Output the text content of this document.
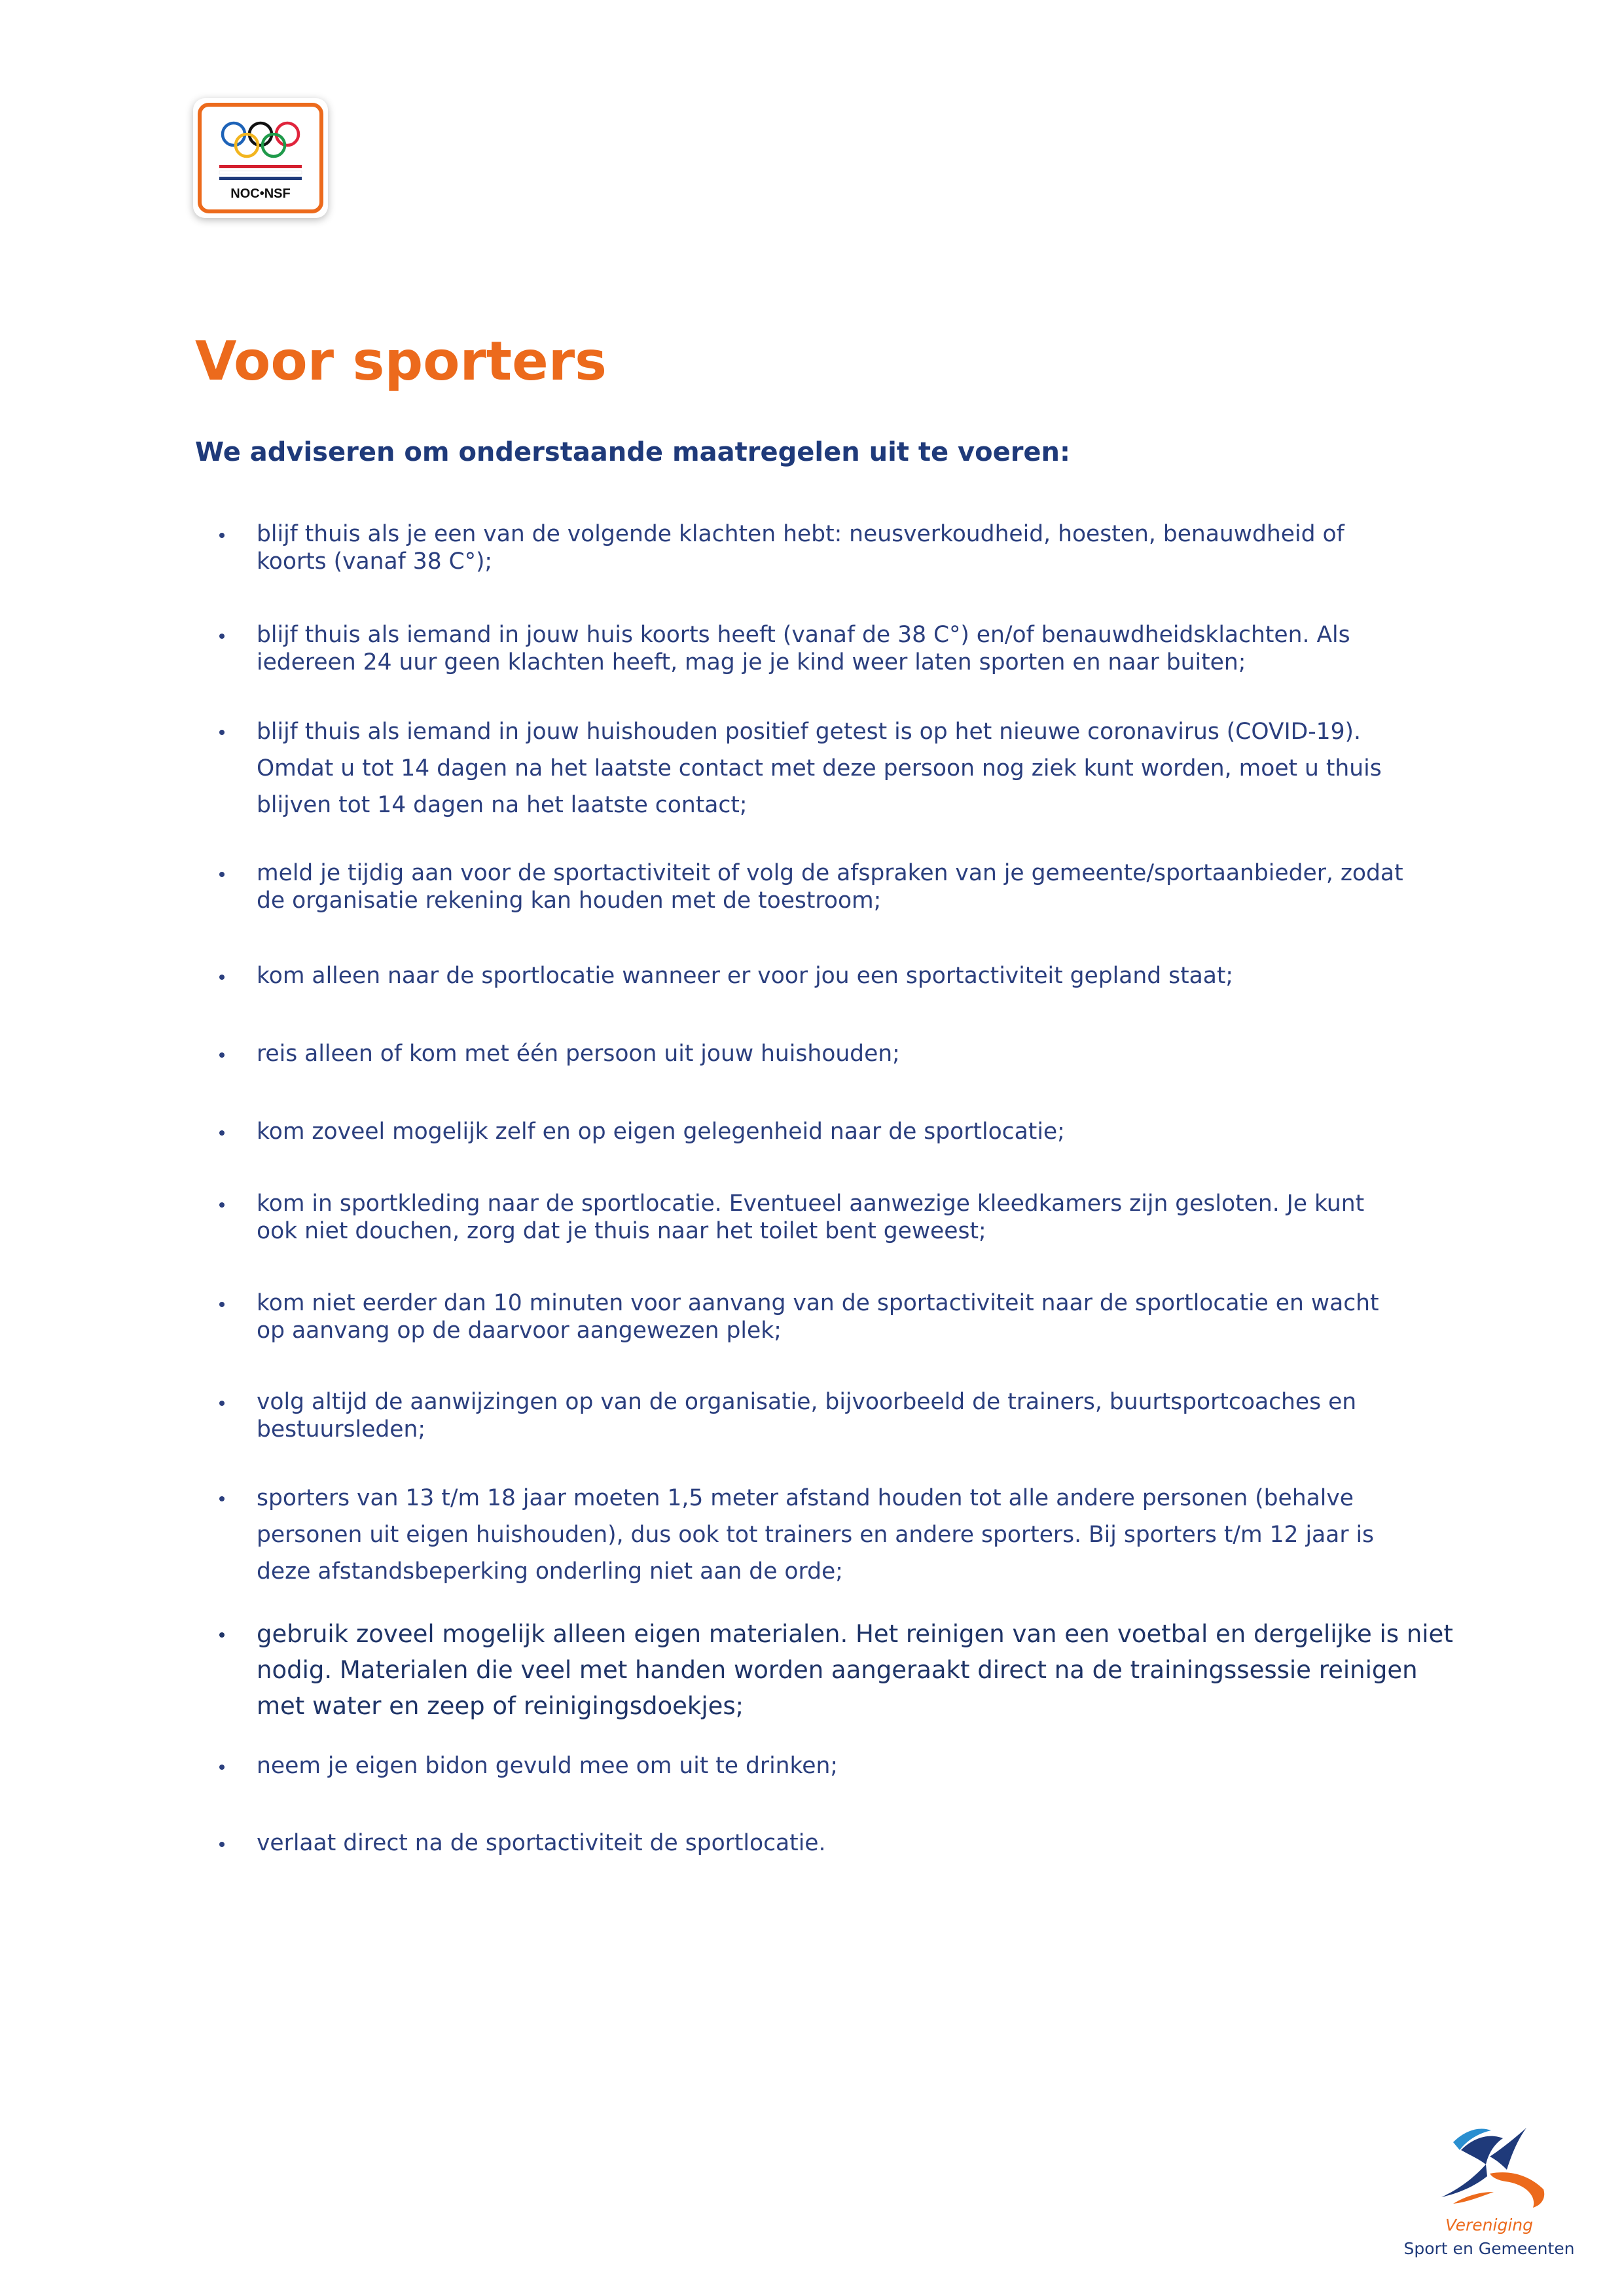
NOC•NSF
Voor sporters

We adviseren om onderstaande maatregelen uit te voeren:

blijf thuis als je een van de volgende klachten hebt: neusverkoudheid, hoesten, benauwdheid of
koorts (vanaf 38 C°);
blijf thuis als iemand in jouw huis koorts heeft (vanaf de 38 C°) en/of benauwdheidsklachten. Als
iedereen 24 uur geen klachten heeft, mag je je kind weer laten sporten en naar buiten;
blijf thuis als iemand in jouw huishouden positief getest is op het nieuwe coronavirus (COVID-19).
Omdat u tot 14 dagen na het laatste contact met deze persoon nog ziek kunt worden, moet u thuis
blijven tot 14 dagen na het laatste contact;
meld je tijdig aan voor de sportactiviteit of volg de afspraken van je gemeente/sportaanbieder, zodat
de organisatie rekening kan houden met de toestroom;
kom alleen naar de sportlocatie wanneer er voor jou een sportactiviteit gepland staat;
reis alleen of kom met één persoon uit jouw huishouden;
kom zoveel mogelijk zelf en op eigen gelegenheid naar de sportlocatie;
kom in sportkleding naar de sportlocatie. Eventueel aanwezige kleedkamers zijn gesloten. Je kunt
ook niet douchen, zorg dat je thuis naar het toilet bent geweest;
kom niet eerder dan 10 minuten voor aanvang van de sportactiviteit naar de sportlocatie en wacht
op aanvang op de daarvoor aangewezen plek;
volg altijd de aanwijzingen op van de organisatie, bijvoorbeeld de trainers, buurtsportcoaches en
bestuursleden;
sporters van 13 t/m 18 jaar moeten 1,5 meter afstand houden tot alle andere personen (behalve
personen uit eigen huishouden), dus ook tot trainers en andere sporters. Bij sporters t/m 12 jaar is
deze afstandsbeperking onderling niet aan de orde;
gebruik zoveel mogelijk alleen eigen materialen. Het reinigen van een voetbal en dergelijke is niet
nodig. Materialen die veel met handen worden aangeraakt direct na de trainingssessie reinigen
met water en zeep of reinigingsdoekjes;
neem je eigen bidon gevuld mee om uit te drinken;
verlaat direct na de sportactiviteit de sportlocatie.
Vereniging
Sport en Gemeenten
